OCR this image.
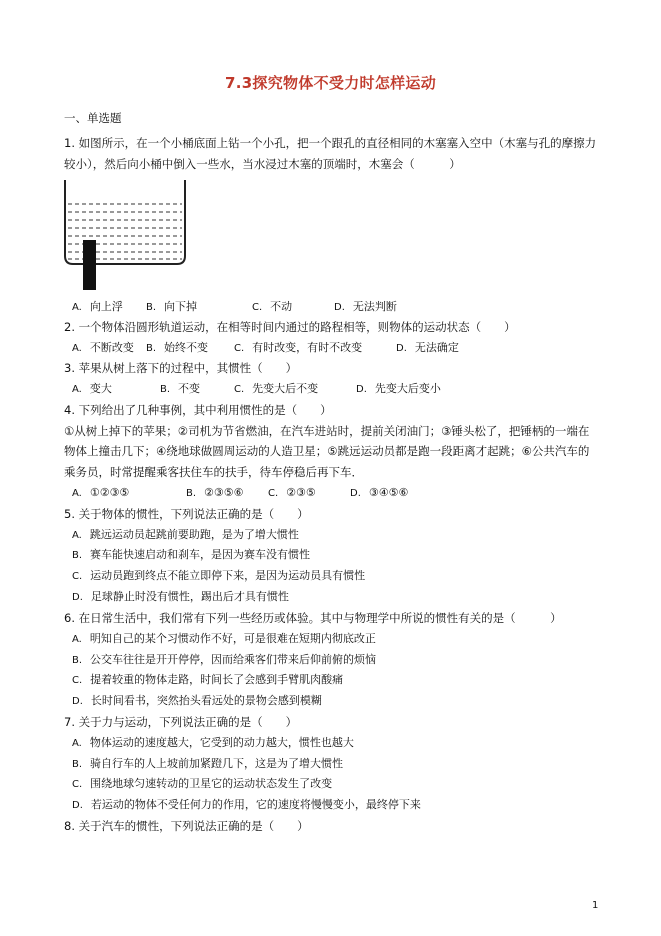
7.3探究物体不受力时怎样运动
一、单选题
1. 如图所示，在一个小桶底面上钻一个小孔，把一个跟孔的直径相同的木塞塞入空中（木塞与孔的摩擦力
较小），然后向小桶中倒入一些水，当水浸过木塞的顶端时，木塞会（　　　）
A. 向上浮 B. 向下掉	C. 不动	D. 无法判断
2. 一个物体沿圆形轨道运动，在相等时间内通过的路程相等，则物体的运动状态（　　）
A. 不断改变 B. 始终不变	C. 有时改变，有时不改变	D. 无法确定
3. 苹果从树上落下的过程中，其惯性（　　）
A. 变大	B. 不变	C. 先变大后不变	D. 先变大后变小
4. 下列给出了几种事例，其中利用惯性的是（　　）
①从树上掉下的苹果；②司机为节省燃油，在汽车进站时，提前关闭油门；③锤头松了，把锤柄的一端在
物体上撞击几下；④绕地球做圆周运动的人造卫星；⑤跳远运动员都是跑一段距离才起跳；⑥公共汽车的
乘务员，时常提醒乘客扶住车的扶手，待车停稳后再下车．
A. ①②③⑤	B. ②③⑤⑥ C. ②③⑤	D. ③④⑤⑥
5. 关于物体的惯性，下列说法正确的是（　　）
A. 跳远运动员起跳前要助跑，是为了增大惯性
B. 赛车能快速启动和刹车，是因为赛车没有惯性
C. 运动员跑到终点不能立即停下来，是因为运动员具有惯性
D. 足球静止时没有惯性，踢出后才具有惯性
6. 在日常生活中，我们常有下列一些经历或体验。其中与物理学中所说的惯性有关的是（　　　）
A. 明知自己的某个习惯动作不好，可是很难在短期内彻底改正
B. 公交车往往是开开停停，因而给乘客们带来后仰前俯的烦恼
C. 提着较重的物体走路，时间长了会感到手臂肌肉酸痛
D. 长时间看书，突然抬头看远处的景物会感到模糊
7. 关于力与运动，下列说法正确的是（　　）
A. 物体运动的速度越大，它受到的动力越大，惯性也越大
B. 骑自行车的人上坡前加紧蹬几下，这是为了增大惯性
C. 围绕地球匀速转动的卫星它的运动状态发生了改变
D. 若运动的物体不受任何力的作用，它的速度将慢慢变小，最终停下来
8. 关于汽车的惯性，下列说法正确的是（　　）
1
